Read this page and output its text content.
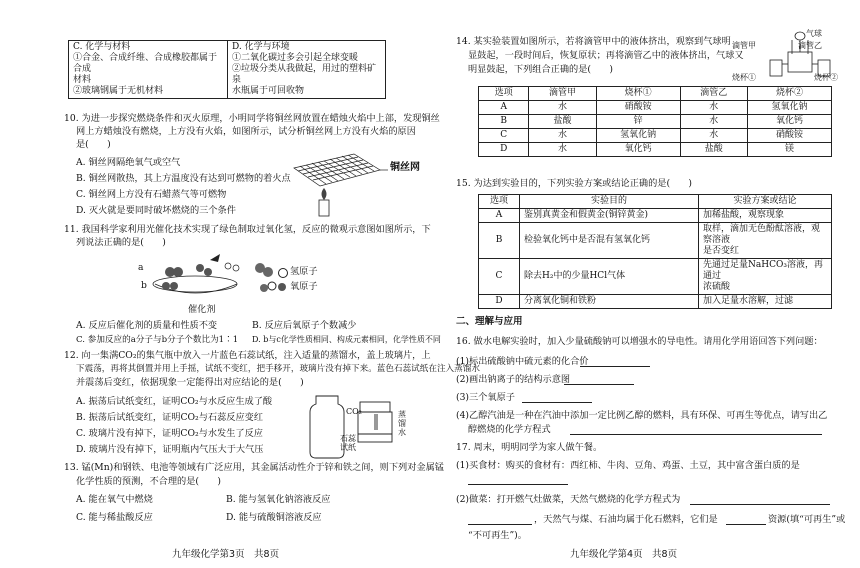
C. 化学与材料
①合金、合成纤维、合成橡胶都属于合成
材料
②玻璃钢属于无机材料

D. 化学与环境
①二氧化碳过多会引起全球变暖
②垃圾分类从我做起，用过的塑料矿泉
水瓶属于可回收物
10. 为进一步探究燃烧条件和灭火原理，小明同学将铜丝网放置在蜡烛火焰中上部，发现铜丝
网上方蜡烛没有燃烧，上方没有火焰，如图所示，试分析铜丝网上方没有火焰的原因
是(　　)
A. 铜丝网隔绝氧气或空气
B. 铜丝网散热，其上方温度没有达到可燃物的着火点
C. 铜丝网上方没有石蜡蒸气等可燃物
D. 灭火就是要同时破坏燃烧的三个条件
铜丝网
11. 我国科学家利用光催化技术实现了绿色制取过氧化氢，反应的微观示意图如图所示，下
列说法正确的是(　　)
a
b
氢原子
氧原子
催化剂
A. 反应后催化剂的质量和性质不变	B. 反应后氧原子个数减少
C. 参加反应的a分子与b分子个数比为1∶1 D. b与c化学性质相同、构成元素相同，化学性质不同
12. 向一集满CO₂的集气瓶中放入一片蓝色石蕊试纸，注入适量的蒸馏水，盖上玻璃片，上
下震荡，再将其倒置并用上手摇，试纸不变红，把手移开，玻璃片没有掉下来。蓝色石蕊试纸在注入蒸馏水
并震荡后变红，依据现象一定能得出对应结论的是(　　)
A. 振荡后试纸变红，证明CO₂与水反应生成了酸
B. 振荡后试纸变红，证明CO₂与石蕊反应变红
C. 玻璃片没有掉下，证明CO₂与水发生了反应
D. 玻璃片没有掉下，证明瓶内气压大于大气压
CO₂	蒸馏水
石蕊试纸
13. 锰(Mn)和钢铁、电池等领域有广泛应用，其金属活动性介于锌和铁之间，则下列对金属锰
化学性质的预测，不合理的是(　　)
A. 能在氧气中燃烧	B. 能与氢氧化钠溶液反应
C. 能与稀盐酸反应	D. 能与硫酸铜溶液反应
九年级化学第3页　共8页
14. 某实验装置如图所示，若将滴管甲中的液体挤出，观察到气球明
显鼓起，一段时间后，恢复原状；再将滴管乙中的液体挤出，气球又
明显鼓起，下列组合正确的是(　　)
气球
滴管甲	滴管乙
烧杯①	烧杯②
选项	滴管甲	烧杯①	滴管乙	烧杯②
A	水	硝酸铵	水	氢氧化钠
B	盐酸	锌	水	氧化钙
C	水	氢氧化钠	水	硝酸铵
D	水	氧化钙	盐酸	镁
15. 为达到实验目的，下列实验方案或结论正确的是(　　)
选项	实验目的	实验方案或结论
A	鉴别真黄金和假黄金(铜锌黄金)	加稀盐酸，观察现象
B	检验氧化钙中是否混有氢氧化钙	取样，滴加无色酚酞溶液，观察溶液
是否变红

C	除去H₂中的少量HCl气体	先通过足量NaHCO₃溶液，再通过
浓硫酸

D	分离氧化铜和铁粉	加入足量水溶解，过滤
二、理解与应用
16. 做水电解实验时，加入少量硫酸钠可以增强水的导电性。请用化学用语回答下列问题：
(1)标出硫酸钠中硫元素的化合价
(2)画出钠离子的结构示意图
(3)三个氧原子
(4)乙醇汽油是一种在汽油中添加一定比例乙醇的燃料，具有环保、可再生等优点，请写出乙
醇燃烧的化学方程式
17. 周末，明明同学为家人做午餐。
(1)买食材：购买的食材有：西红柿、牛肉、豆角、鸡蛋、土豆，其中富含蛋白质的是
(2)做菜：打开燃气灶做菜，天然气燃烧的化学方程式为
，天然气与煤、石油均属于化石燃料，它们是	资源(填“可再生”或
“不可再生”)。
九年级化学第4页　共8页
